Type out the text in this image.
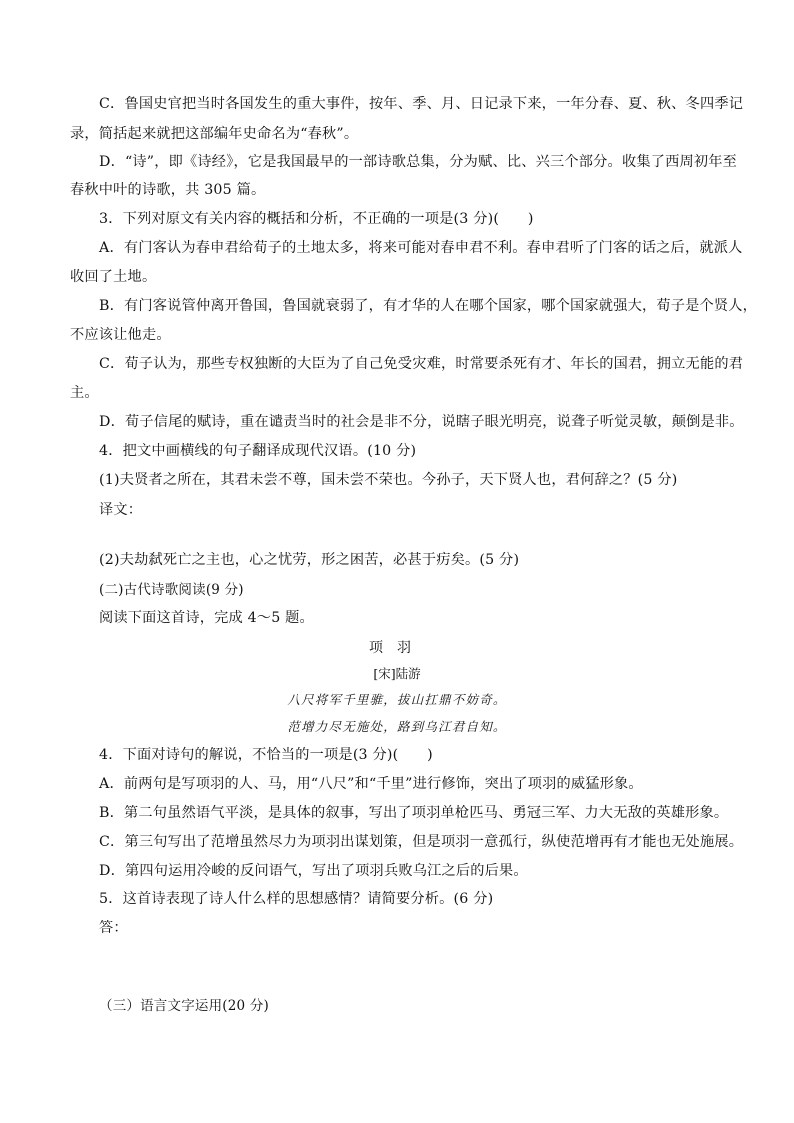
C．鲁国史官把当时各国发生的重大事件，按年、季、月、日记录下来，一年分春、夏、秋、冬四季记
录，简括起来就把这部编年史命名为“春秋”。
D．“诗”，即《诗经》，它是我国最早的一部诗歌总集，分为赋、比、兴三个部分。收集了西周初年至
春秋中叶的诗歌，共 305 篇。
3．下列对原文有关内容的概括和分析，不正确的一项是(3 分)(　　)
A．有门客认为春申君给荀子的土地太多，将来可能对春申君不利。春申君听了门客的话之后，就派人
收回了土地。
B．有门客说管仲离开鲁国，鲁国就衰弱了，有才华的人在哪个国家，哪个国家就强大，荀子是个贤人，
不应该让他走。
C．荀子认为，那些专权独断的大臣为了自己免受灾难，时常要杀死有才、年长的国君，拥立无能的君
主。
D．荀子信尾的赋诗，重在谴责当时的社会是非不分，说瞎子眼光明亮，说聋子听觉灵敏，颠倒是非。
4．把文中画横线的句子翻译成现代汉语。(10 分)
(1)夫贤者之所在，其君未尝不尊，国未尝不荣也。今孙子，天下贤人也，君何辞之？(5 分)
译文：
(2)夫劫弑死亡之主也，心之忧劳，形之困苦，必甚于疠矣。(5 分)
(二)古代诗歌阅读(9 分)
阅读下面这首诗，完成 4～5 题。
项羽
[宋]陆游
八尺将军千里骓，拔山扛鼎不妨奇。
范增力尽无施处，路到乌江君自知。
4．下面对诗句的解说，不恰当的一项是(3 分)(　　)
A．前两句是写项羽的人、马，用“八尺”和“千里”进行修饰，突出了项羽的威猛形象。
B．第二句虽然语气平淡，是具体的叙事，写出了项羽单枪匹马、勇冠三军、力大无敌的英雄形象。
C．第三句写出了范增虽然尽力为项羽出谋划策，但是项羽一意孤行，纵使范增再有才能也无处施展。
D．第四句运用冷峻的反问语气，写出了项羽兵败乌江之后的后果。
5．这首诗表现了诗人什么样的思想感情？请简要分析。(6 分)
答：
（三）语言文字运用(20 分)
